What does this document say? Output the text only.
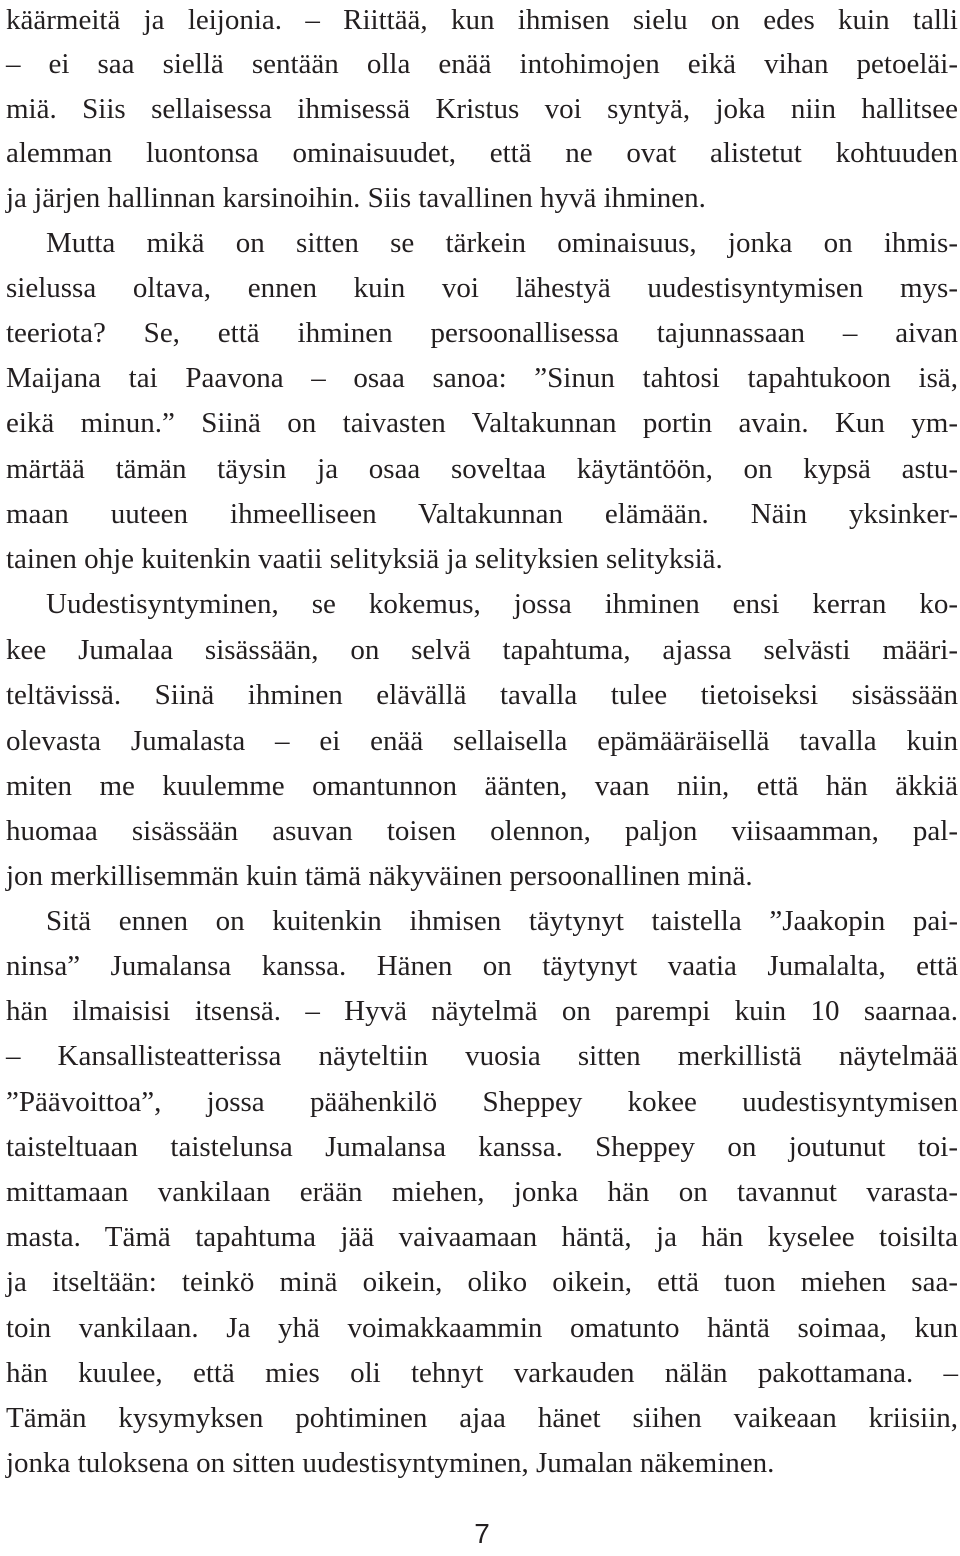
käärmeitä ja leijonia. – Riittää, kun ihmisen sielu on edes kuin talli
– ei saa siellä sentään olla enää intohimojen eikä vihan petoeläi-
miä. Siis sellaisessa ihmisessä Kristus voi syntyä, joka niin hallitsee
alemman luontonsa ominaisuudet, että ne ovat alistetut kohtuuden
ja järjen hallinnan karsinoihin. Siis tavallinen hyvä ihminen.
Mutta mikä on sitten se tärkein ominaisuus, jonka on ihmis-
sielussa oltava, ennen kuin voi lähestyä uudestisyntymisen mys-
teeriota? Se, että ihminen persoonallisessa tajunnassaan – aivan
Maijana tai Paavona – osaa sanoa: ”Sinun tahtosi tapahtukoon isä,
eikä minun.” Siinä on taivasten Valtakunnan portin avain. Kun ym-
märtää tämän täysin ja osaa soveltaa käytäntöön, on kypsä astu-
maan uuteen ihmeelliseen Valtakunnan elämään. Näin yksinker-
tainen ohje kuitenkin vaatii selityksiä ja selityksien selityksiä.
Uudestisyntyminen, se kokemus, jossa ihminen ensi kerran ko-
kee Jumalaa sisässään, on selvä tapahtuma, ajassa selvästi määri-
teltävissä. Siinä ihminen elävällä tavalla tulee tietoiseksi sisässään
olevasta Jumalasta – ei enää sellaisella epämääräisellä tavalla kuin
miten me kuulemme omantunnon äänten, vaan niin, että hän äkkiä
huomaa sisässään asuvan toisen olennon, paljon viisaamman, pal-
jon merkillisemmän kuin tämä näkyväinen persoonallinen minä.
Sitä ennen on kuitenkin ihmisen täytynyt taistella ”Jaakopin pai-
ninsa” Jumalansa kanssa. Hänen on täytynyt vaatia Jumalalta, että
hän ilmaisisi itsensä. – Hyvä näytelmä on parempi kuin 10 saarnaa.
– Kansallisteatterissa näyteltiin vuosia sitten merkillistä näytelmää
”Päävoittoa”, jossa päähenkilö Sheppey kokee uudestisyntymisen
taisteltuaan taistelunsa Jumalansa kanssa. Sheppey on joutunut toi-
mittamaan vankilaan erään miehen, jonka hän on tavannut varasta-
masta. Tämä tapahtuma jää vaivaamaan häntä, ja hän kyselee toisilta
ja itseltään: teinkö minä oikein, oliko oikein, että tuon miehen saa-
toin vankilaan. Ja yhä voimakkaammin omatunto häntä soimaa, kun
hän kuulee, että mies oli tehnyt varkauden nälän pakottamana. –
Tämän kysymyksen pohtiminen ajaa hänet siihen vaikeaan kriisiin,
jonka tuloksena on sitten uudestisyntyminen, Jumalan näkeminen.
7
